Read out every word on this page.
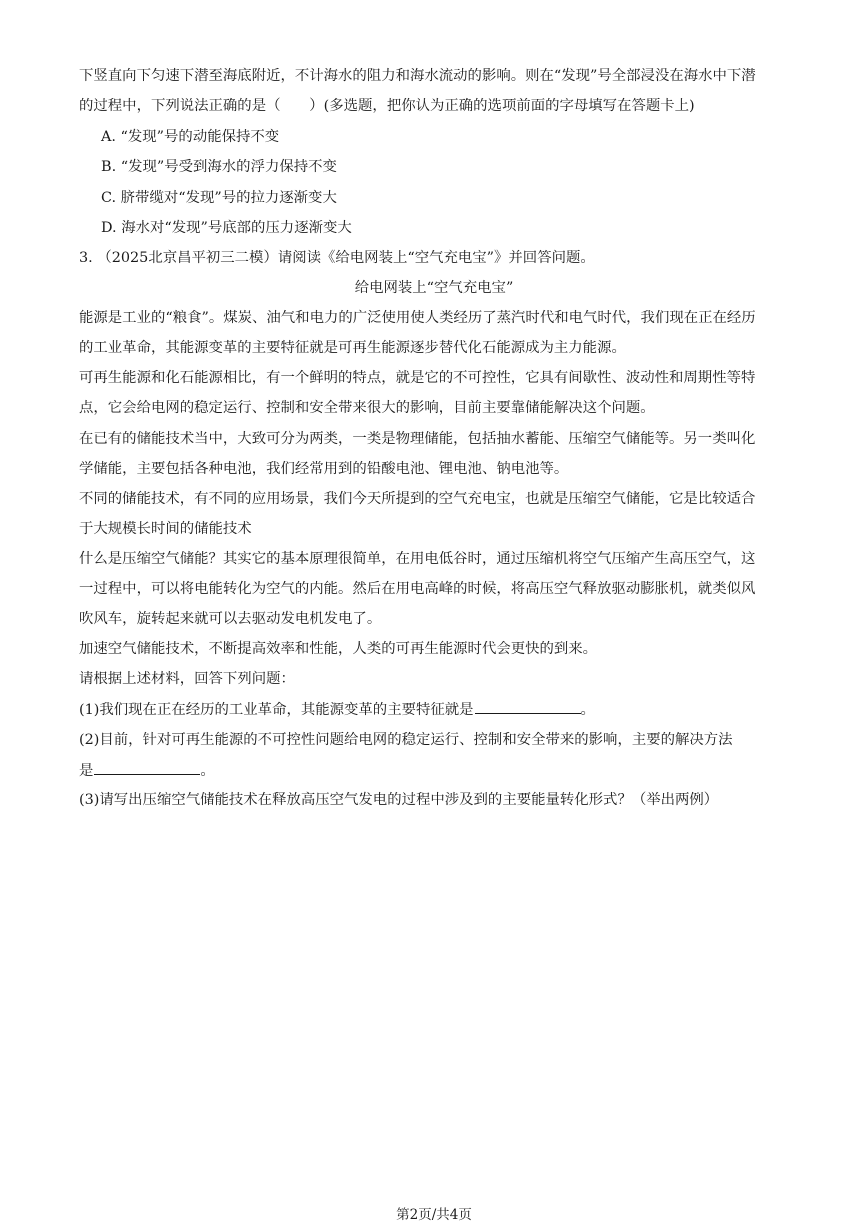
下竖直向下匀速下潜至海底附近，不计海水的阻力和海水流动的影响。则在“发现”号全部浸没在海水中下潜
的过程中，下列说法正确的是（　　）(多选题，把你认为正确的选项前面的字母填写在答题卡上)
A. “发现”号的动能保持不变
B. “发现”号受到海水的浮力保持不变
C. 脐带缆对“发现”号的拉力逐渐变大
D. 海水对“发现”号底部的压力逐渐变大
3. （2025北京昌平初三二模）请阅读《给电网装上“空气充电宝”》并回答问题。
给电网装上“空气充电宝”
能源是工业的“粮食”。煤炭、油气和电力的广泛使用使人类经历了蒸汽时代和电气时代，我们现在正在经历
的工业革命，其能源变革的主要特征就是可再生能源逐步替代化石能源成为主力能源。
可再生能源和化石能源相比，有一个鲜明的特点，就是它的不可控性，它具有间歇性、波动性和周期性等特
点，它会给电网的稳定运行、控制和安全带来很大的影响，目前主要靠储能解决这个问题。
在已有的储能技术当中，大致可分为两类，一类是物理储能，包括抽水蓄能、压缩空气储能等。另一类叫化
学储能，主要包括各种电池，我们经常用到的铅酸电池、锂电池、钠电池等。
不同的储能技术，有不同的应用场景，我们今天所提到的空气充电宝，也就是压缩空气储能，它是比较适合
于大规模长时间的储能技术
什么是压缩空气储能？其实它的基本原理很简单，在用电低谷时，通过压缩机将空气压缩产生高压空气，这
一过程中，可以将电能转化为空气的内能。然后在用电高峰的时候，将高压空气释放驱动膨胀机，就类似风
吹风车，旋转起来就可以去驱动发电机发电了。
加速空气储能技术，不断提高效率和性能，人类的可再生能源时代会更快的到来。
请根据上述材料，回答下列问题：
(1)我们现在正在经历的工业革命，其能源变革的主要特征就是	。
(2)目前，针对可再生能源的不可控性问题给电网的稳定运行、控制和安全带来的影响，主要的解决方法
是	。
(3)请写出压缩空气储能技术在释放高压空气发电的过程中涉及到的主要能量转化形式？（举出两例）
第2页/共4页
